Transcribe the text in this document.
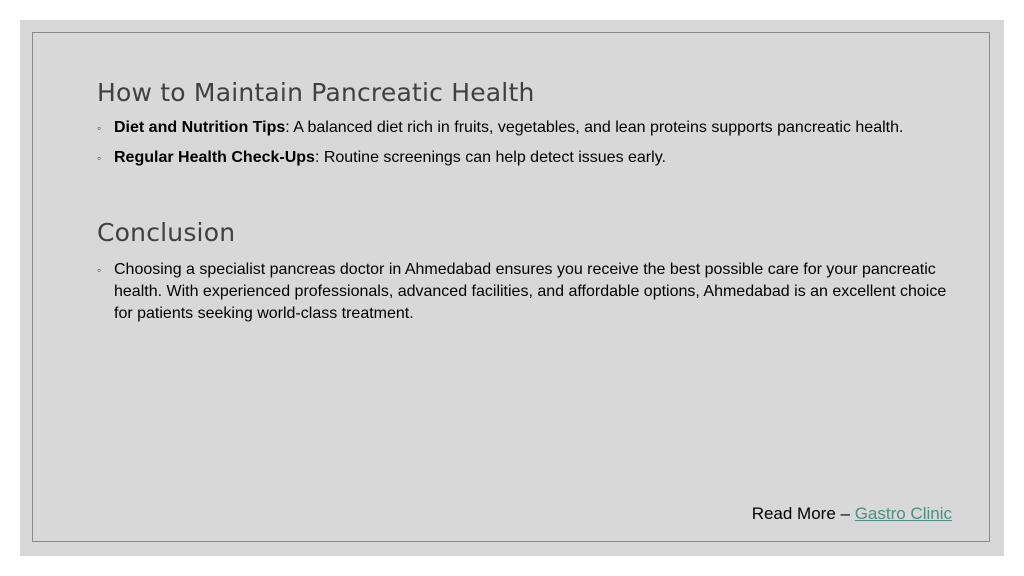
How to Maintain Pancreatic Health
◦ Diet and Nutrition Tips: A balanced diet rich in fruits, vegetables, and lean proteins supports pancreatic health.
◦ Regular Health Check-Ups: Routine screenings can help detect issues early.
Conclusion
◦ Choosing a specialist pancreas doctor in Ahmedabad ensures you receive the best possible care for your pancreatic health. With experienced professionals, advanced facilities, and affordable options, Ahmedabad is an excellent choice for patients seeking world-class treatment.
Read More – Gastro Clinic
